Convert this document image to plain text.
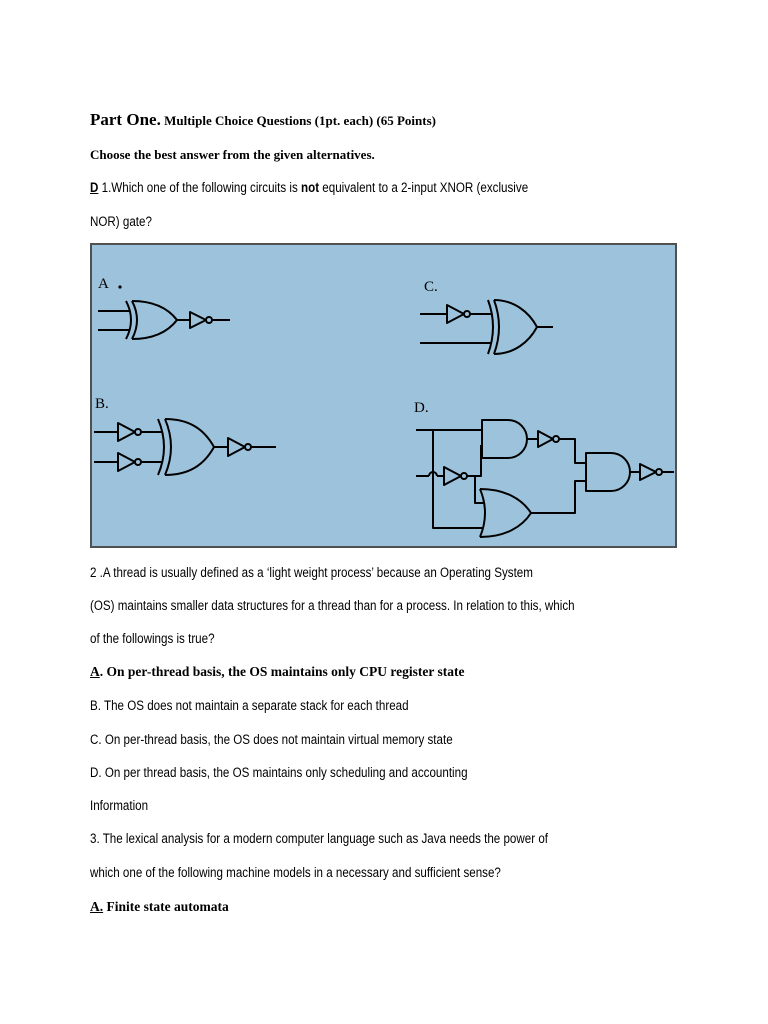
Part One. Multiple Choice Questions (1pt. each) (65 Points)
Choose the best answer from the given alternatives.
D 1.Which one of the following circuits is not equivalent to a 2-input XNOR (exclusive
NOR) gate?
A
B.
C.
D.
2 .A thread is usually defined as a ‘light weight process’ because an Operating System
(OS) maintains smaller data structures for a thread than for a process. In relation to this, which
of the followings is true?
A. On per-thread basis, the OS maintains only CPU register state
B. The OS does not maintain a separate stack for each thread
C. On per-thread basis, the OS does not maintain virtual memory state
D. On per thread basis, the OS maintains only scheduling and accounting
Information
3. The lexical analysis for a modern computer language such as Java needs the power of
which one of the following machine models in a necessary and sufficient sense?
A. Finite state automata
